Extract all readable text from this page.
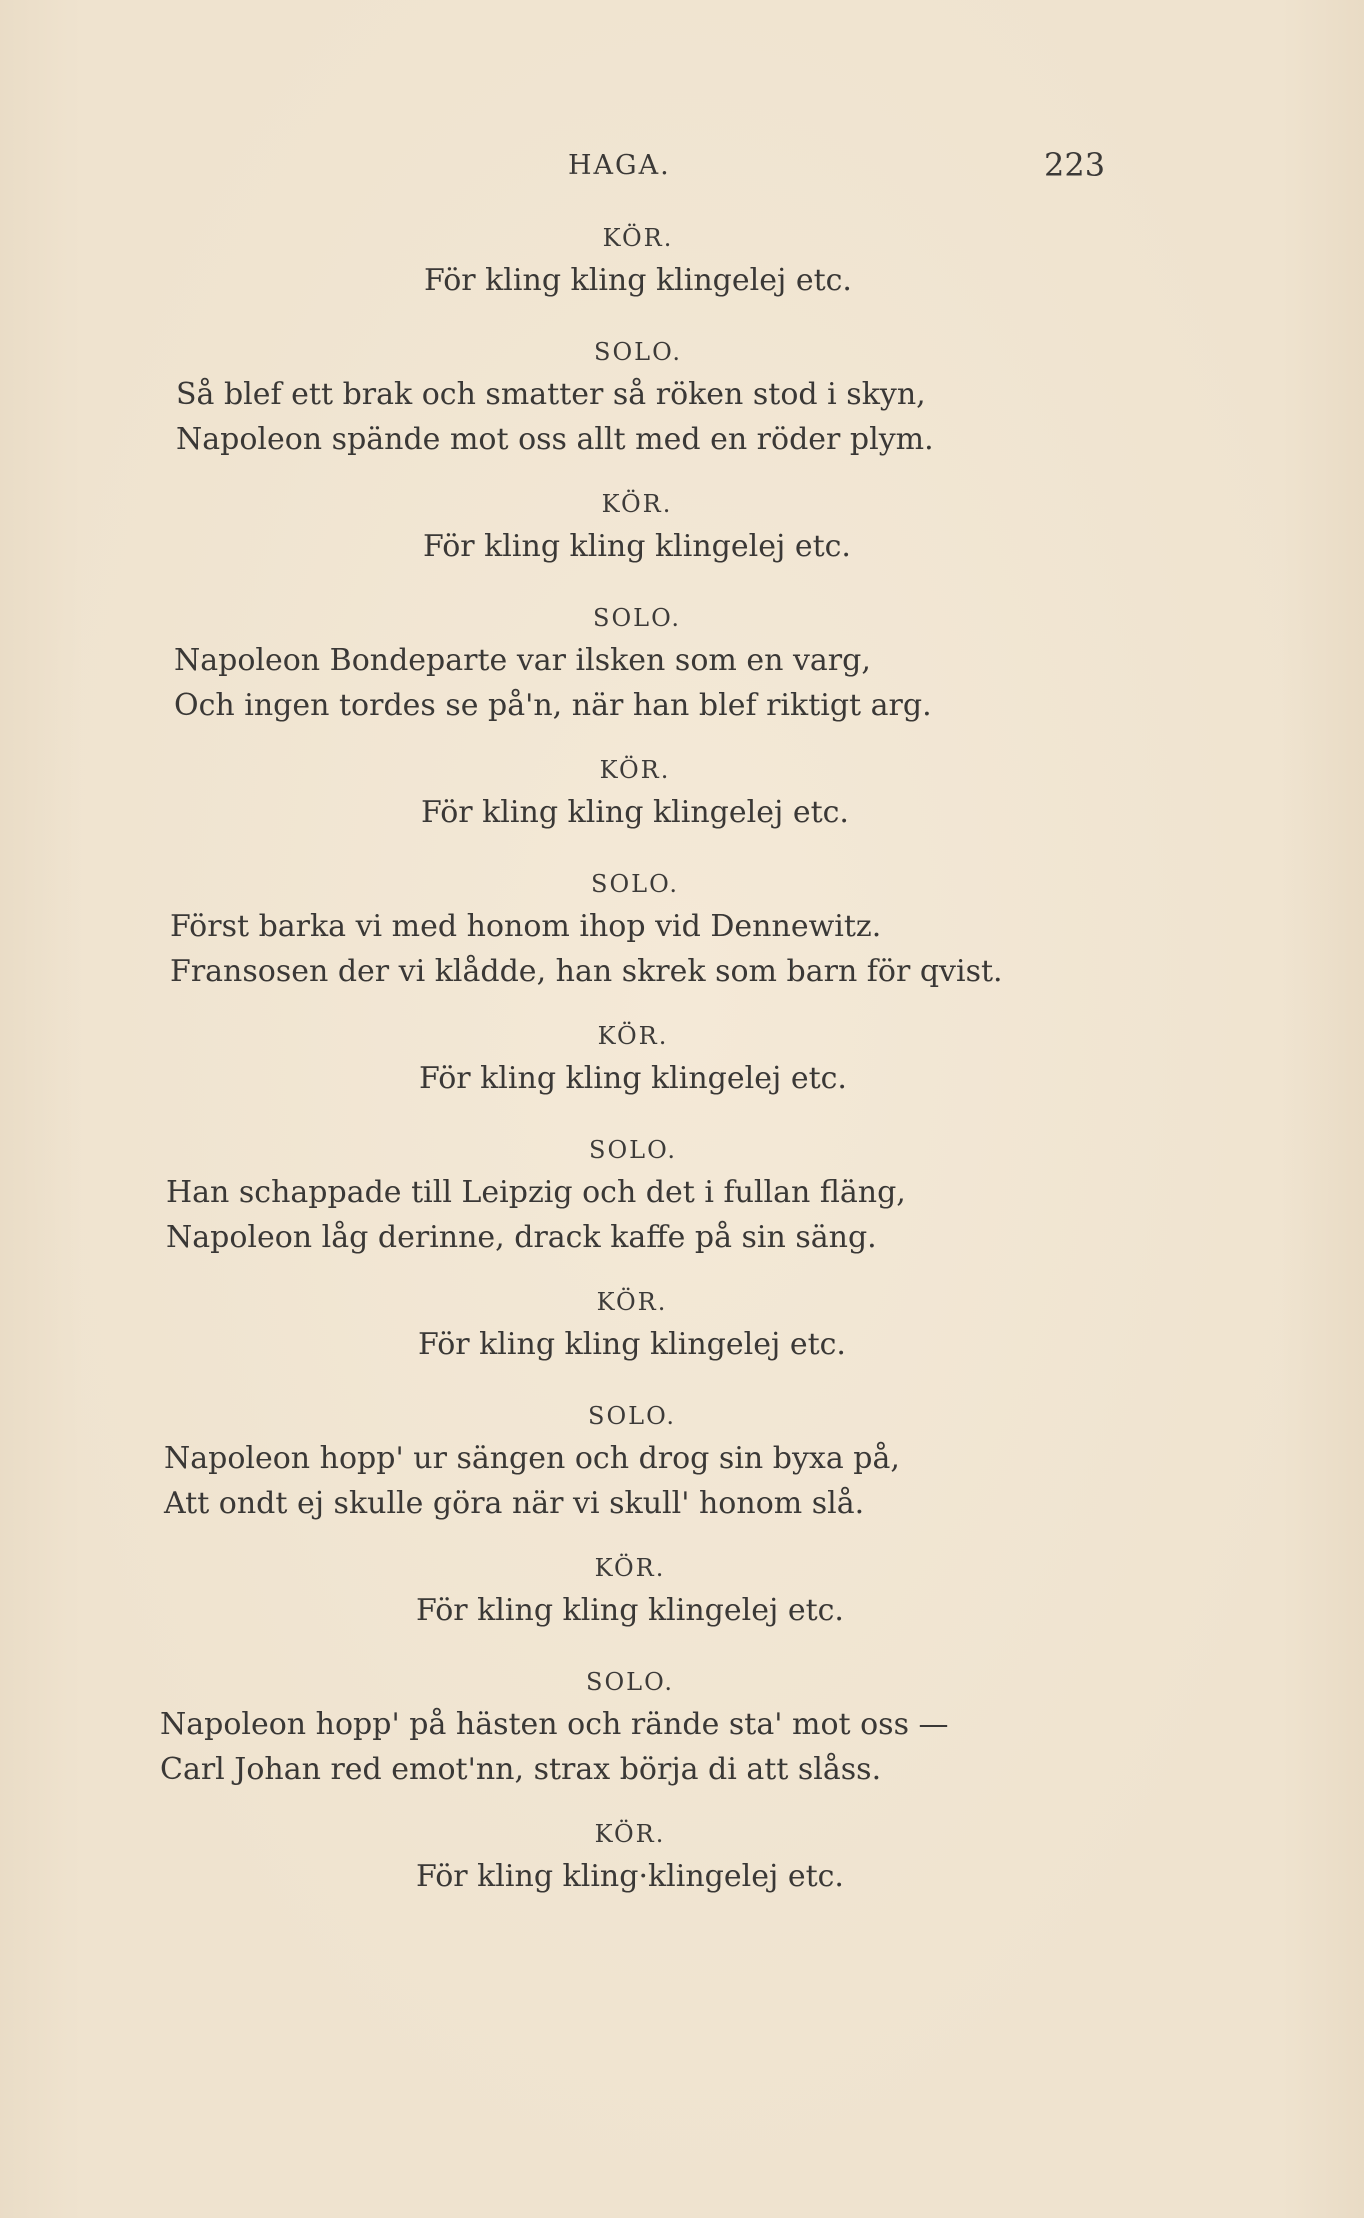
HAGA.	223
KÖR.
För kling kling klingelej etc.
SOLO.
Så blef ett brak och smatter så röken stod i skyn,
Napoleon spände mot oss allt med en röder plym.
KÖR.
För kling kling klingelej etc.
SOLO.
Napoleon Bondeparte var ilsken som en varg,
Och ingen tordes se på'n, när han blef riktigt arg.
KÖR.
För kling kling klingelej etc.
SOLO.
Först barka vi med honom ihop vid Dennewitz.
Fransosen der vi klådde, han skrek som barn för qvist.
KÖR.
För kling kling klingelej etc.
SOLO.
Han schappade till Leipzig och det i fullan fläng,
Napoleon låg derinne, drack kaffe på sin säng.
KÖR.
För kling kling klingelej etc.
SOLO.
Napoleon hopp' ur sängen och drog sin byxa på,
Att ondt ej skulle göra när vi skull' honom slå.
KÖR.
För kling kling klingelej etc.
SOLO.
Napoleon hopp' på hästen och rände sta' mot oss —
Carl Johan red emot'nn, strax börja di att slåss.
KÖR.
För kling kling·klingelej etc.
